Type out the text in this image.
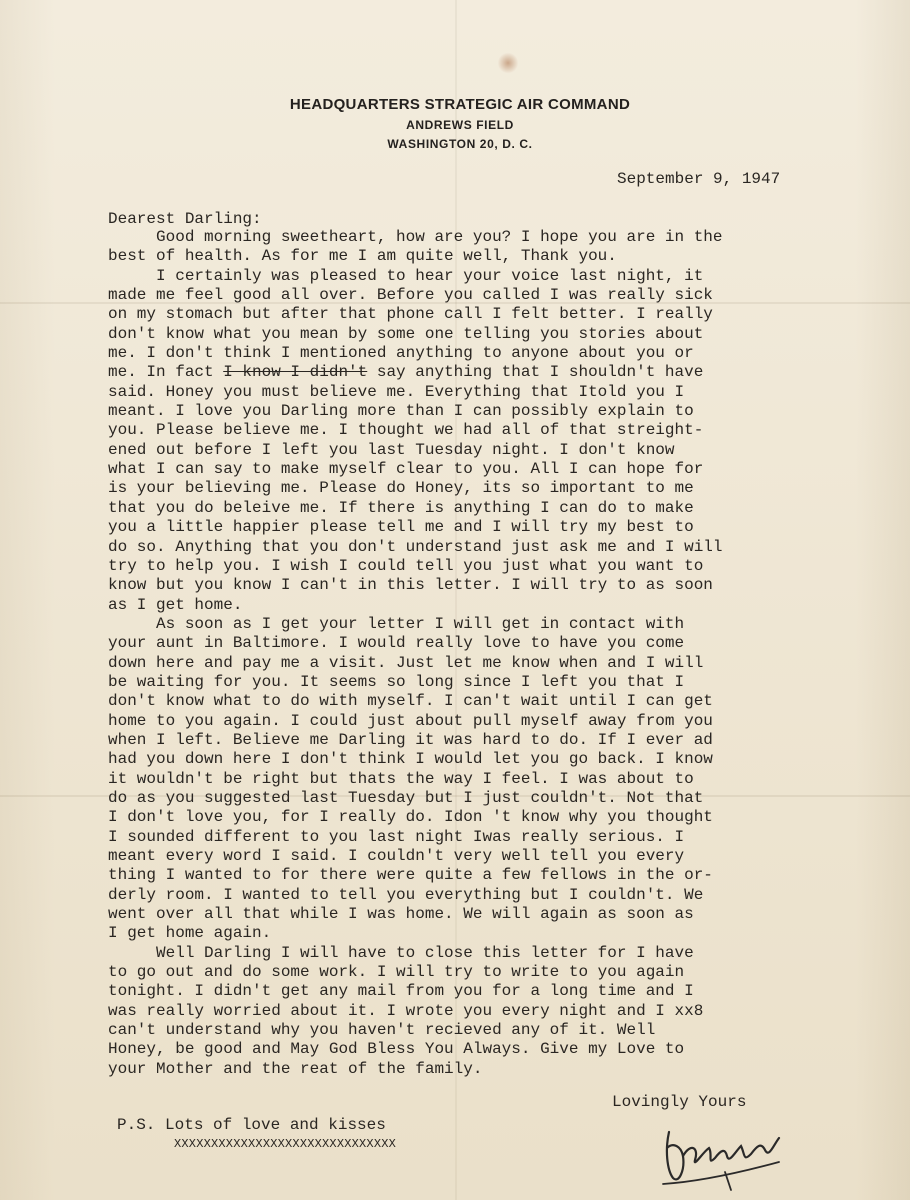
HEADQUARTERS STRATEGIC AIR COMMAND
ANDREWS FIELD
WASHINGTON 20, D. C.
September 9, 1947
Dearest Darling:
Good morning sweetheart, how are you? I hope you are in the
best of health. As for me I am quite well, Thank you.
I certainly was pleased to hear your voice last night, it
made me feel good all over. Before you called I was really sick
on my stomach but after that phone call I felt better. I really
don't know what you mean by some one telling you stories about
me. I don't think I mentioned anything to anyone about you or
me. In fact I know I didn't say anything that I shouldn't have
said. Honey you must believe me. Everything that Itold you I
meant. I love you Darling more than I can possibly explain to
you. Please believe me. I thought we had all of that streight-
ened out before I left you last Tuesday night. I don't know
what I can say to make myself clear to you. All I can hope for
is your believing me. Please do Honey, its so important to me
that you do beleive me. If there is anything I can do to make
you a little happier please tell me and I will try my best to
do so. Anything that you don't understand just ask me and I will
try to help you. I wish I could tell you just what you want to
know but you know I can't in this letter. I will try to as soon
as I get home.
As soon as I get your letter I will get in contact with
your aunt in Baltimore. I would really love to have you come
down here and pay me a visit. Just let me know when and I will
be waiting for you. It seems so long since I left you that I
don't know what to do with myself. I can't wait until I can get
home to you again. I could just about pull myself away from you
when I left. Believe me Darling it was hard to do. If I ever ad
had you down here I don't think I would let you go back. I know
it wouldn't be right but thats the way I feel. I was about to
do as you suggested last Tuesday but I just couldn't. Not that
I don't love you, for I really do. Idon 't know why you thought
I sounded different to you last night Iwas really serious. I
meant every word I said. I couldn't very well tell you every
thing I wanted to for there were quite a few fellows in the or-
derly room. I wanted to tell you everything but I couldn't. We
went over all that while I was home. We will again as soon as
I get home again.
Well Darling I will have to close this letter for I have
to go out and do some work. I will try to write to you again
tonight. I didn't get any mail from you for a long time and I
was really worried about it. I wrote you every night and I xx8
can't understand why you haven't recieved any of it. Well
Honey, be good and May God Bless You Always. Give my Love to
your Mother and the reat of the family.
Lovingly Yours
P.S. Lots of love and kisses
XXXXXXXXXXXXXXXXXXXXXXXXXXXXXX
